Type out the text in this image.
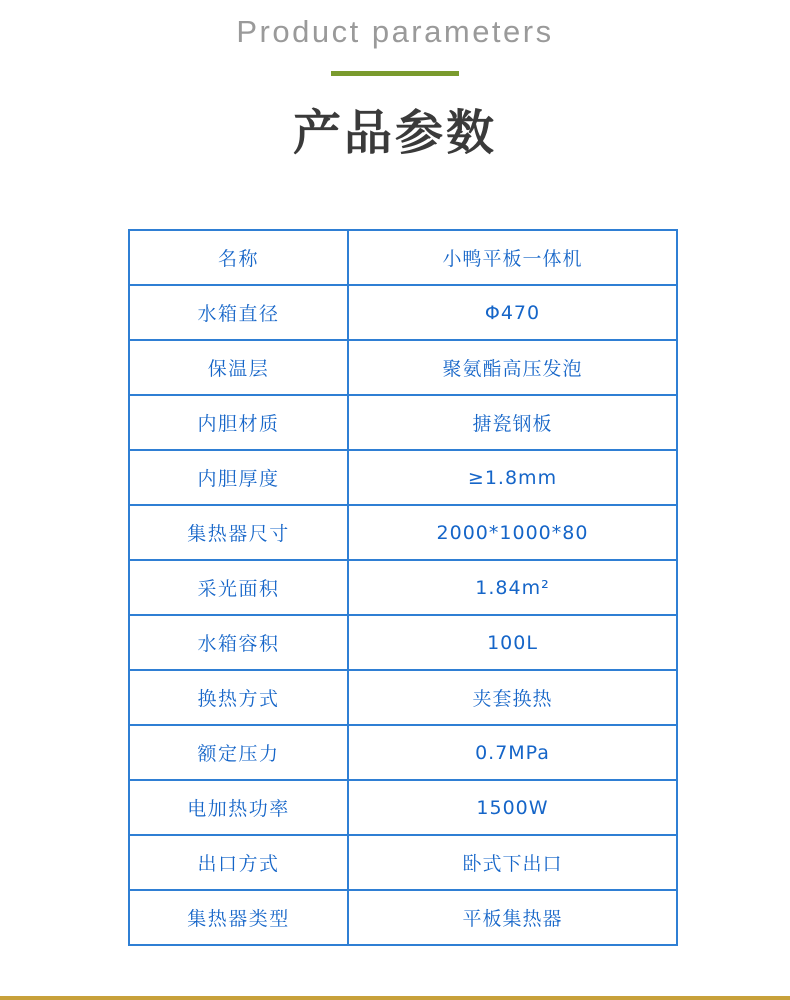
Product parameters
产品参数
名称	小鸭平板一体机
水箱直径	Φ470
保温层	聚氨酯高压发泡
内胆材质	搪瓷钢板
内胆厚度	≥1.8mm
集热器尺寸	2000*1000*80
采光面积	1.84m²
水箱容积	100L
换热方式	夹套换热
额定压力	0.7MPa
电加热功率	1500W
出口方式	卧式下出口
集热器类型	平板集热器
